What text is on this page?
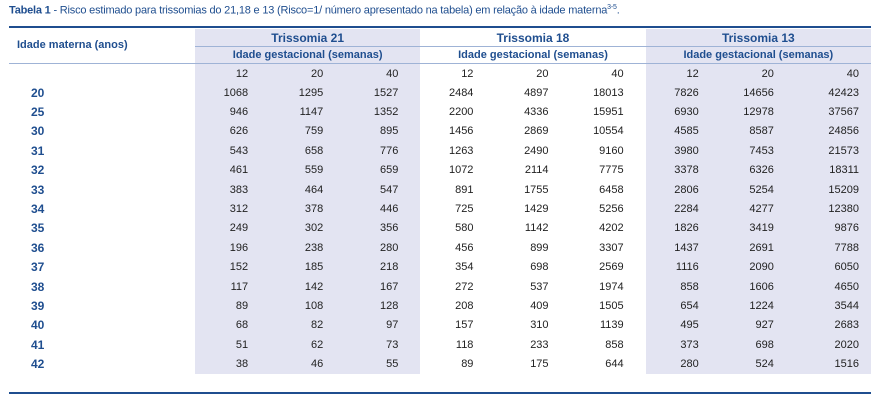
Tabela 1 - Risco estimado para trissomias do 21,18 e 13 (Risco=1/ número apresentado na tabela) em relação à idade materna$^{3-5}$.
Idade materna (anos)	Trissomia 21			Trissomia 18			Trissomia 13		
	Idade gestacional (semanas)			Idade gestacional (semanas)			Idade gestacional (semanas)		
	12	20	40	12	20	40	12	20	40
20	1068	1295	1527	2484	4897	18013	7826	14656	42423
25	946	1147	1352	2200	4336	15951	6930	12978	37567
30	626	759	895	1456	2869	10554	4585	8587	24856
31	543	658	776	1263	2490	9160	3980	7453	21573
32	461	559	659	1072	2114	7775	3378	6326	18311
33	383	464	547	891	1755	6458	2806	5254	15209
34	312	378	446	725	1429	5256	2284	4277	12380
35	249	302	356	580	1142	4202	1826	3419	9876
36	196	238	280	456	899	3307	1437	2691	7788
37	152	185	218	354	698	2569	1116	2090	6050
38	117	142	167	272	537	1974	858	1606	4650
39	89	108	128	208	409	1505	654	1224	3544
40	68	82	97	157	310	1139	495	927	2683
41	51	62	73	118	233	858	373	698	2020
42	38	46	55	89	175	644	280	524	1516
